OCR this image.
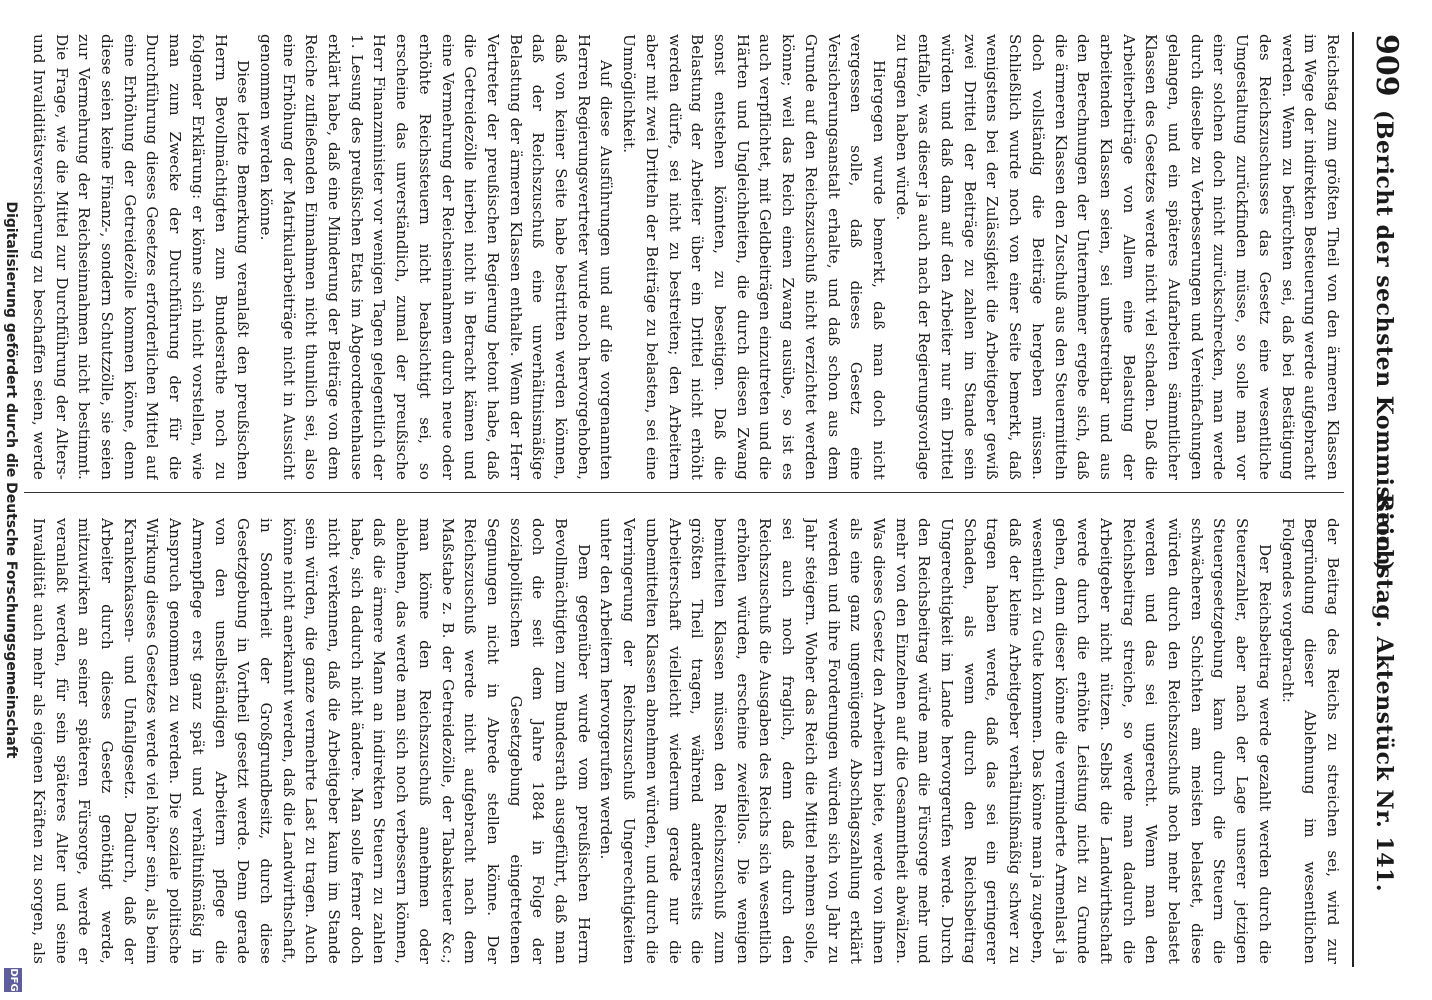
909
(Bericht der sechsten Kommission.)
Reichstag. Aktenstück Nr. 141.

Reichstag zum größten Theil von den ärmeren Klassen im Wege der indirekten Besteuerung werde aufgebracht werden. Wenn zu befürchten sei, daß bei Bestätigung des Reichszuschusses das Gesetz eine wesentliche Umgestaltung zurückfinden müsse, so solle man vor einer solchen doch nicht zurückschrecken, man werde durch dieselbe zu Verbesserungen und Vereinfachungen gelangen, und ein späteres Aufarbeiten sämmtlicher Klassen des Gesetzes werde nicht viel schaden. Daß die Arbeiterbeiträge von Allem eine Belastung der arbeitenden Klassen seien, sei unbestreitbar und aus den Berechnungen der Unternehmer ergebe sich, daß die ärmeren Klassen den Zuschuß aus den Steuermitteln doch vollständig die Beiträge hergeben müssen. Schließlich wurde noch von einer Seite bemerkt, daß wenigstens bei der Zulässigkeit die Arbeitgeber gewiß zwei Drittel der Beiträge zu zahlen im Stande sein würden und daß dann auf den Arbeiter nur ein Drittel entfalle, was dieser ja auch nach der Regierungsvorlage zu tragen haben würde.

Hiergegen wurde bemerkt, daß man doch nicht vergessen solle, daß dieses Gesetz eine Versicherungsanstalt erhalte, und daß schon aus dem Grunde auf den Reichszuschuß nicht verzichtet werden könne; weil das Reich einen Zwang ausübe, so ist es auch verpflichtet, mit Geldbeiträgen einzutreten und die Härten und Ungleichheiten, die durch diesen Zwang sonst entstehen könnten, zu beseitigen. Daß die Belastung der Arbeiter über ein Drittel nicht erhöht werden dürfe, sei nicht zu bestreiten; den Arbeitern aber mit zwei Dritteln der Beiträge zu belasten, sei eine Unmöglichkeit.

Auf diese Ausführungen und auf die vorgenannten Herren Regierungsvertreter wurde noch hervorgehoben, daß von keiner Seite habe bestritten werden können, daß der Reichszuschuß eine unverhältnismäßige Belastung der ärmeren Klassen enthalte. Wenn der Herr Vertreter der preußischen Regierung betont habe, daß die Getreidezölle hierbei nicht in Betracht kämen und eine Vermehrung der Reichseinnahmen durch neue oder erhöhte Reichssteuern nicht beabsichtigt sei, so erscheine das unverständlich, zumal der preußische Herr Finanzminister vor wenigen Tagen gelegentlich der 1. Lesung des preußischen Etats im Abgeordnetenhause erklärt habe, daß eine Minderung der Beiträge von dem Reiche zufließenden Einnahmen nicht thunlich sei, also eine Erhöhung der Matrikularbeiträge nicht in Aussicht genommen werden könne.

Diese letzte Bemerkung veranlaßt den preußischen Herrn Bevollmächtigten zum Bundesrathe noch zu folgender Erklärung: er könne sich nicht vorstellen, wie man zum Zwecke der Durchführung der für die Durchführung dieses Gesetzes erforderlichen Mittel auf eine Erhöhung der Getreidezölle kommen könne, denn diese seien keine Finanz-, sondern Schutzzölle, sie seien zur Vermehrung der Reichseinnahmen nicht bestimmt. Die Frage, wie die Mittel zur Durchführung der Alters- und Invaliditätsversicherung zu beschaffen seien, werde

der Beitrag des Reichs zu streichen sei, wird zur Begründung dieser Ablehnung im wesentlichen Folgendes vorgebracht:

Der Reichsbeitrag werde gezahlt werden durch die Steuerzahler, aber nach der Lage unserer jetzigen Steuergesetzgebung kam durch die Steuern die schwächeren Schichten am meisten belastet, diese würden durch den Reichszuschuß noch mehr belastet werden und das sei ungerecht. Wenn man den Reichsbeitrag streiche, so werde man dadurch die Arbeitgeber nicht nützen. Selbst die Landwirthschaft werde durch die erhöhte Leistung nicht zu Grunde gehen, denn dieser könne die verminderte Armenlast ja wesentlich zu Gute kommen. Das könne man ja zugeben, daß der kleine Arbeitgeber verhältnißmäßig schwer zu tragen haben werde, daß das sei ein geringerer Schaden, als wenn durch den Reichsbeitrag Ungerechtigkeit im Lande hervorgerufen werde. Durch den Reichsbeitrag würde man die Fürsorge mehr und mehr von den Einzelnen auf die Gesammtheit abwälzen. Was dieses Gesetz den Arbeitern biete, werde von ihnen als eine ganz ungenügende Abschlagszahlung erklärt werden und ihre Forderungen würden sich von Jahr zu Jahr steigern. Woher das Reich die Mittel nehmen solle, sei auch noch fraglich, denn daß durch den Reichszuschuß die Ausgaben des Reichs sich wesentlich erhöhen würden, erscheine zweifellos. Die wenigen bemittelten Klassen müssen den Reichszuschuß zum größten Theil tragen, während andererseits die Arbeiterschaft vielleicht wiederum gerade nur die unbemittelten Klassen abnehmen würden, und durch die Verringerung der Reichszuschuß Ungerechtigkeiten unter den Arbeitern hervorgerufen werden.

Dem gegenüber wurde vom preußischen Herrn Bevollmächtigten zum Bundesrath ausgeführt, daß man doch die seit dem Jahre 1884 in Folge der sozialpolitischen Gesetzgebung eingetretenen Segnungen nicht in Abrede stellen könne. Der Reichszuschuß werde nicht aufgebracht nach dem Maßstabe z. B. der Getreidezölle, der Tabaksteuer &c.; man könne den Reichszuschuß annehmen oder ablehnen, das werde man sich noch verbessern können, daß die ärmere Mann an indirekten Steuern zu zahlen habe, sich dadurch nicht ändere. Man solle ferner doch nicht verkennen, daß die Arbeitgeber kaum im Stande sein würden, die ganze vermehrte Last zu tragen. Auch könne nicht anerkannt werden, daß die Landwirthschaft, in Sonderheit der Großgrundbesitz, durch diese Gesetzgebung in Vortheil gesetzt werde. Denn gerade von den unselbständigen Arbeitern pflege die Armenpflege erst ganz spät und verhältnißmäßig in Anspruch genommen zu werden. Die soziale politische Wirkung dieses Gesetzes werde viel höher sein, als beim Krankenkassen- und Unfallgesetz. Dadurch, daß der Arbeiter durch dieses Gesetz genöthigt werde, mitzuwirken an seiner späteren Fürsorge, werde er veranlaßt werden, für sein späteres Alter und seine Invalidität auch mehr als eigenen Kräften zu sorgen, als

Digitalisierung gefördert durch die Deutsche Forschungsgemeinschaft
DFG
